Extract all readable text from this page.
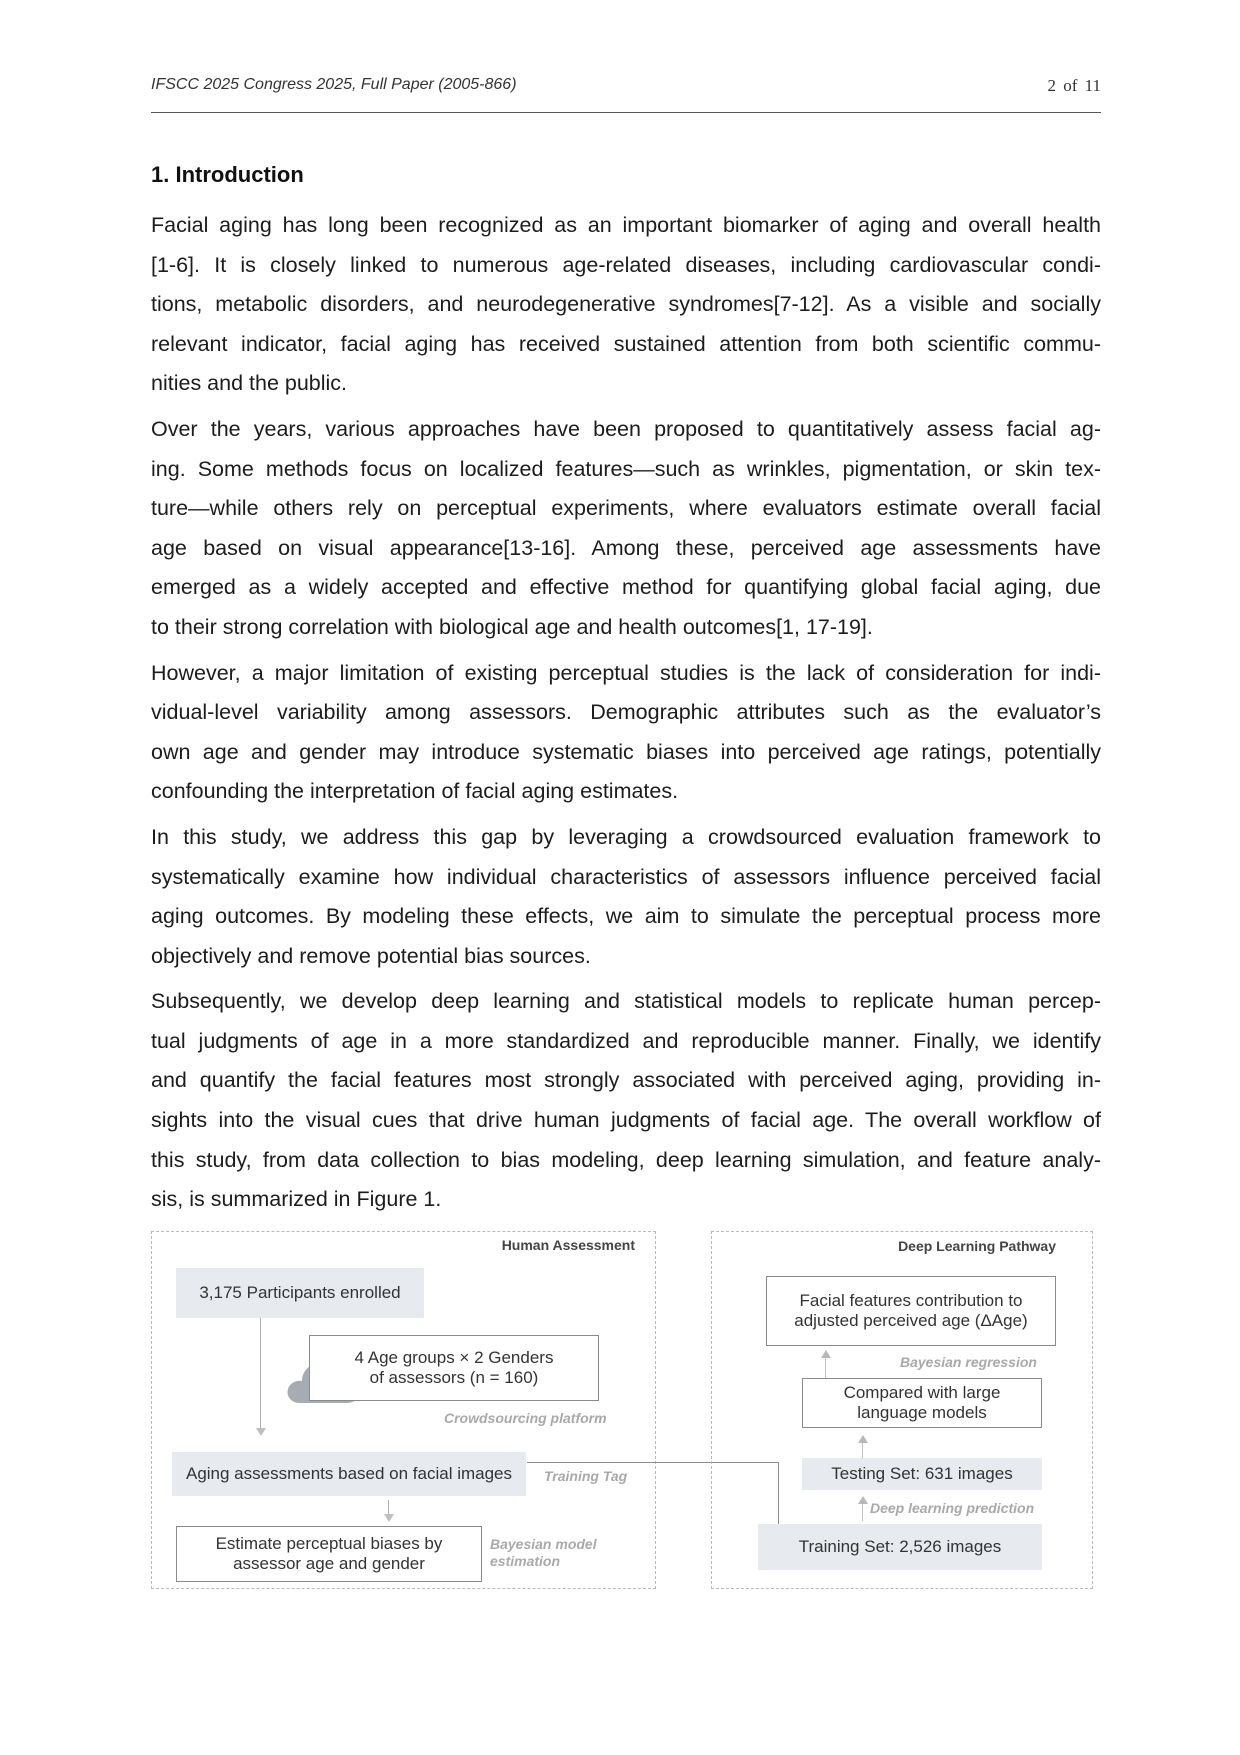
IFSCC 2025 Congress 2025, Full Paper (2005-866)	2 of 11
1. Introduction

Facial aging has long been recognized as an important biomarker of aging and overall health
[1-6]. It is closely linked to numerous age-related diseases, including cardiovascular condi-
tions, metabolic disorders, and neurodegenerative syndromes[7-12]. As a visible and socially
relevant indicator, facial aging has received sustained attention from both scientific commu-
nities and the public.

Over the years, various approaches have been proposed to quantitatively assess facial ag-
ing. Some methods focus on localized features—such as wrinkles, pigmentation, or skin tex-
ture—while others rely on perceptual experiments, where evaluators estimate overall facial
age based on visual appearance[13-16]. Among these, perceived age assessments have
emerged as a widely accepted and effective method for quantifying global facial aging, due
to their strong correlation with biological age and health outcomes[1, 17-19].

However, a major limitation of existing perceptual studies is the lack of consideration for indi-
vidual-level variability among assessors. Demographic attributes such as the evaluator’s
own age and gender may introduce systematic biases into perceived age ratings, potentially
confounding the interpretation of facial aging estimates.

In this study, we address this gap by leveraging a crowdsourced evaluation framework to
systematically examine how individual characteristics of assessors influence perceived facial
aging outcomes. By modeling these effects, we aim to simulate the perceptual process more
objectively and remove potential bias sources.

Subsequently, we develop deep learning and statistical models to replicate human percep-
tual judgments of age in a more standardized and reproducible manner. Finally, we identify
and quantify the facial features most strongly associated with perceived aging, providing in-
sights into the visual cues that drive human judgments of facial age. The overall workflow of
this study, from data collection to bias modeling, deep learning simulation, and feature analy-
sis, is summarized in Figure 1.

Human Assessment
3,175 Participants enrolled
4 Age groups × 2 Genders
of assessors (n = 160)
Crowdsourcing platform
Aging assessments based on facial images Training Tag
Estimate perceptual biases by
assessor age and gender
Bayesian model
estimation
Deep Learning Pathway
Facial features contribution to
adjusted perceived age (ΔAge)
Bayesian regression
Compared with large
language models
Testing Set: 631 images
Deep learning prediction
Training Set: 2,526 images
